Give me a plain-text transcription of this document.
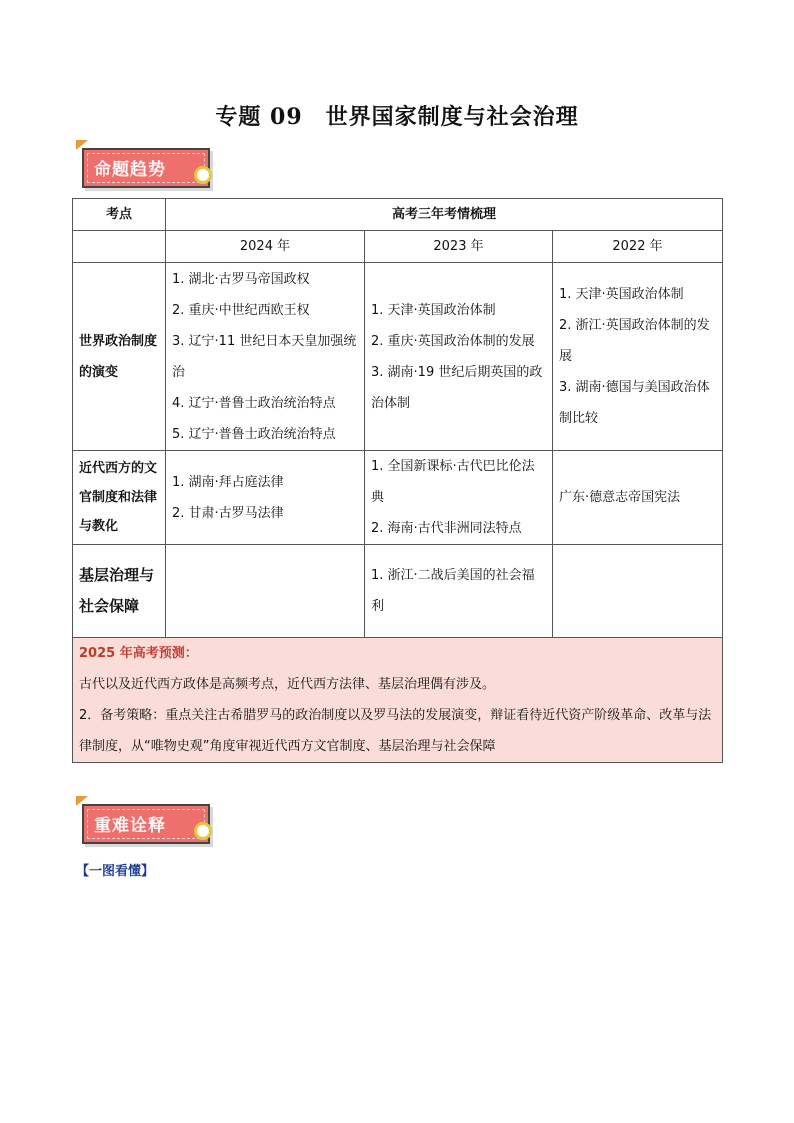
专题 09　世界国家制度与社会治理
命题趋势
考点	高考三年考情梳理		
	2024 年	2023 年	2022 年
世界政治制度的演变	1. 湖北·古罗马帝国政权
2. 重庆·中世纪西欧王权
3. 辽宁·11 世纪日本天皇加强统治
4. 辽宁·普鲁士政治统治特点
5. 辽宁·普鲁士政治统治特点	1. 天津·英国政治体制
2. 重庆·英国政治体制的发展
3. 湖南·19 世纪后期英国的政治体制	1. 天津·英国政治体制
2. 浙江·英国政治体制的发展
3. 湖南·德国与美国政治体制比较

近代西方的文官制度和法律与教化	1. 湖南·拜占庭法律
2. 甘肃·古罗马法律	1. 全国新课标·古代巴比伦法典
2. 海南·古代非洲同法特点	广东·德意志帝国宪法

基层治理与社会保障		1. 浙江·二战后美国的社会福利	

2025 年高考预测：
古代以及近代西方政体是高频考点，近代西方法律、基层治理偶有涉及。
2．备考策略：重点关注古希腊罗马的政治制度以及罗马法的发展演变，辩证看待近代资产阶级革命、改革与法律制度，从“唯物史观”角度审视近代西方文官制度、基层治理与社会保障			
重难诠释
【一图看懂】
